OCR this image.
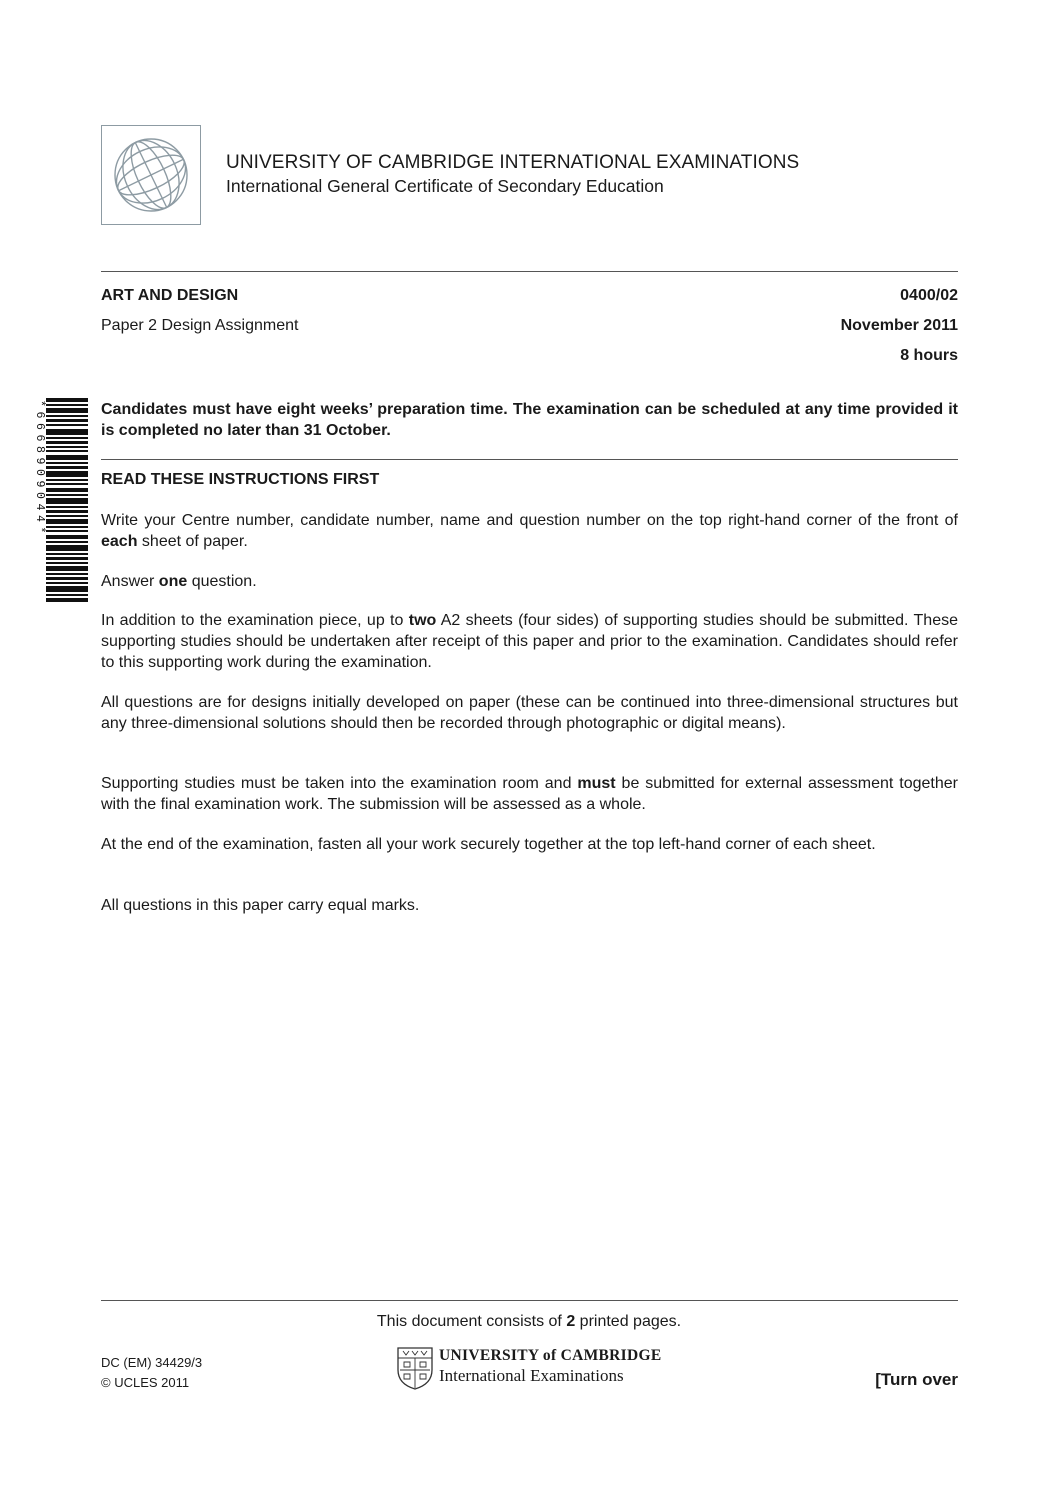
UNIVERSITY OF CAMBRIDGE INTERNATIONAL EXAMINATIONS
International General Certificate of Secondary Education
ART AND DESIGN
Paper 2 Design Assignment
0400/02
November 2011
8 hours
*6668909044*	Candidates must have eight weeks’ preparation time. The examination can be scheduled at any time provided it is completed no later than 31 October.
READ THESE INSTRUCTIONS FIRST
Write your Centre number, candidate number, name and question number on the top right-hand corner of the front of each sheet of paper.
Answer one question.
In addition to the examination piece, up to two A2 sheets (four sides) of supporting studies should be submitted. These supporting studies should be undertaken after receipt of this paper and prior to the examination. Candidates should refer to this supporting work during the examination.
All questions are for designs initially developed on paper (these can be continued into three-dimensional structures but any three-dimensional solutions should then be recorded through photographic or digital means).
Supporting studies must be taken into the examination room and must be submitted for external assessment together with the final examination work. The submission will be assessed as a whole.
At the end of the examination, fasten all your work securely together at the top left-hand corner of each sheet.
All questions in this paper carry equal marks.
This document consists of 2 printed pages.
DC (EM) 34429/3
© UCLES 2011
UNIVERSITY of CAMBRIDGE
International Examinations	[Turn over
